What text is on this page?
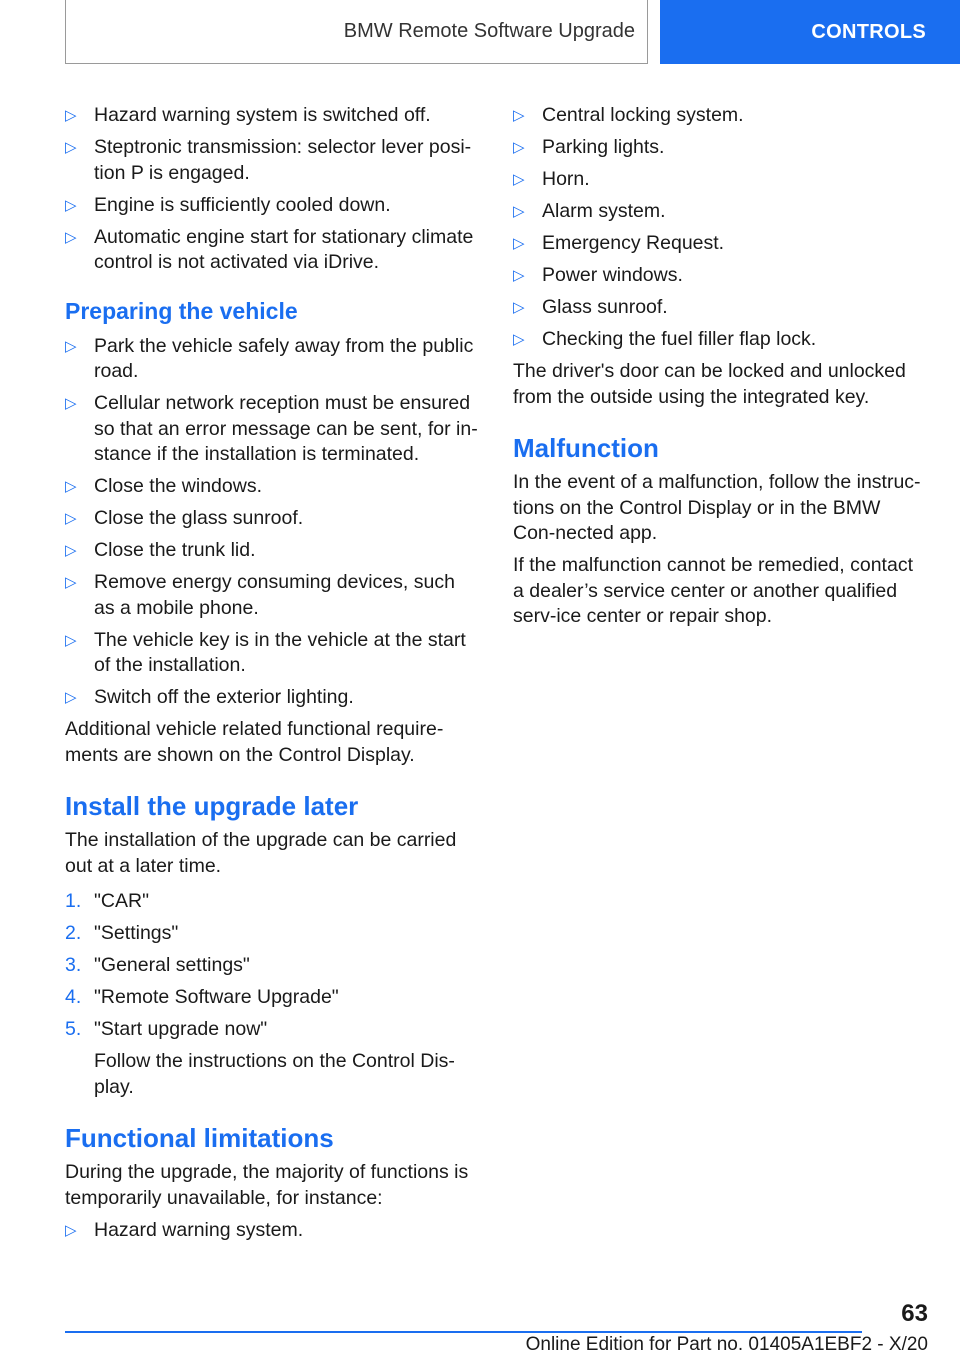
BMW Remote Software Upgrade	CONTROLS
▷ Hazard warning system is switched off.
▷ Steptronic transmission: selector lever posi-tion P is engaged.
▷ Engine is sufficiently cooled down.
▷ Automatic engine start for stationary climate control is not activated via iDrive.
Preparing the vehicle
▷ Park the vehicle safely away from the public road.
▷ Cellular network reception must be ensured so that an error message can be sent, for in-stance if the installation is terminated.
▷ Close the windows.
▷ Close the glass sunroof.
▷ Close the trunk lid.
▷ Remove energy consuming devices, such as a mobile phone.
▷ The vehicle key is in the vehicle at the start of the installation.
▷ Switch off the exterior lighting.

Additional vehicle related functional require-ments are shown on the Control Display.

Install the upgrade later

The installation of the upgrade can be carried out at a later time.

1. "CAR"
2. "Settings"
3. "General settings"
4. "Remote Software Upgrade"
5. "Start upgrade now"

Follow the instructions on the Control Dis-play.

Functional limitations

During the upgrade, the majority of functions is temporarily unavailable, for instance:

▷ Hazard warning system.
▷ Central locking system.
▷ Parking lights.
▷ Horn.
▷ Alarm system.
▷ Emergency Request.
▷ Power windows.
▷ Glass sunroof.
▷ Checking the fuel filler flap lock.

The driver's door can be locked and unlocked from the outside using the integrated key.

Malfunction

In the event of a malfunction, follow the instruc-tions on the Control Display or in the BMW Con-nected app.

If the malfunction cannot be remedied, contact a dealer’s service center or another qualified serv-ice center or repair shop.

63
Online Edition for Part no. 01405A1EBF2 - X/20
